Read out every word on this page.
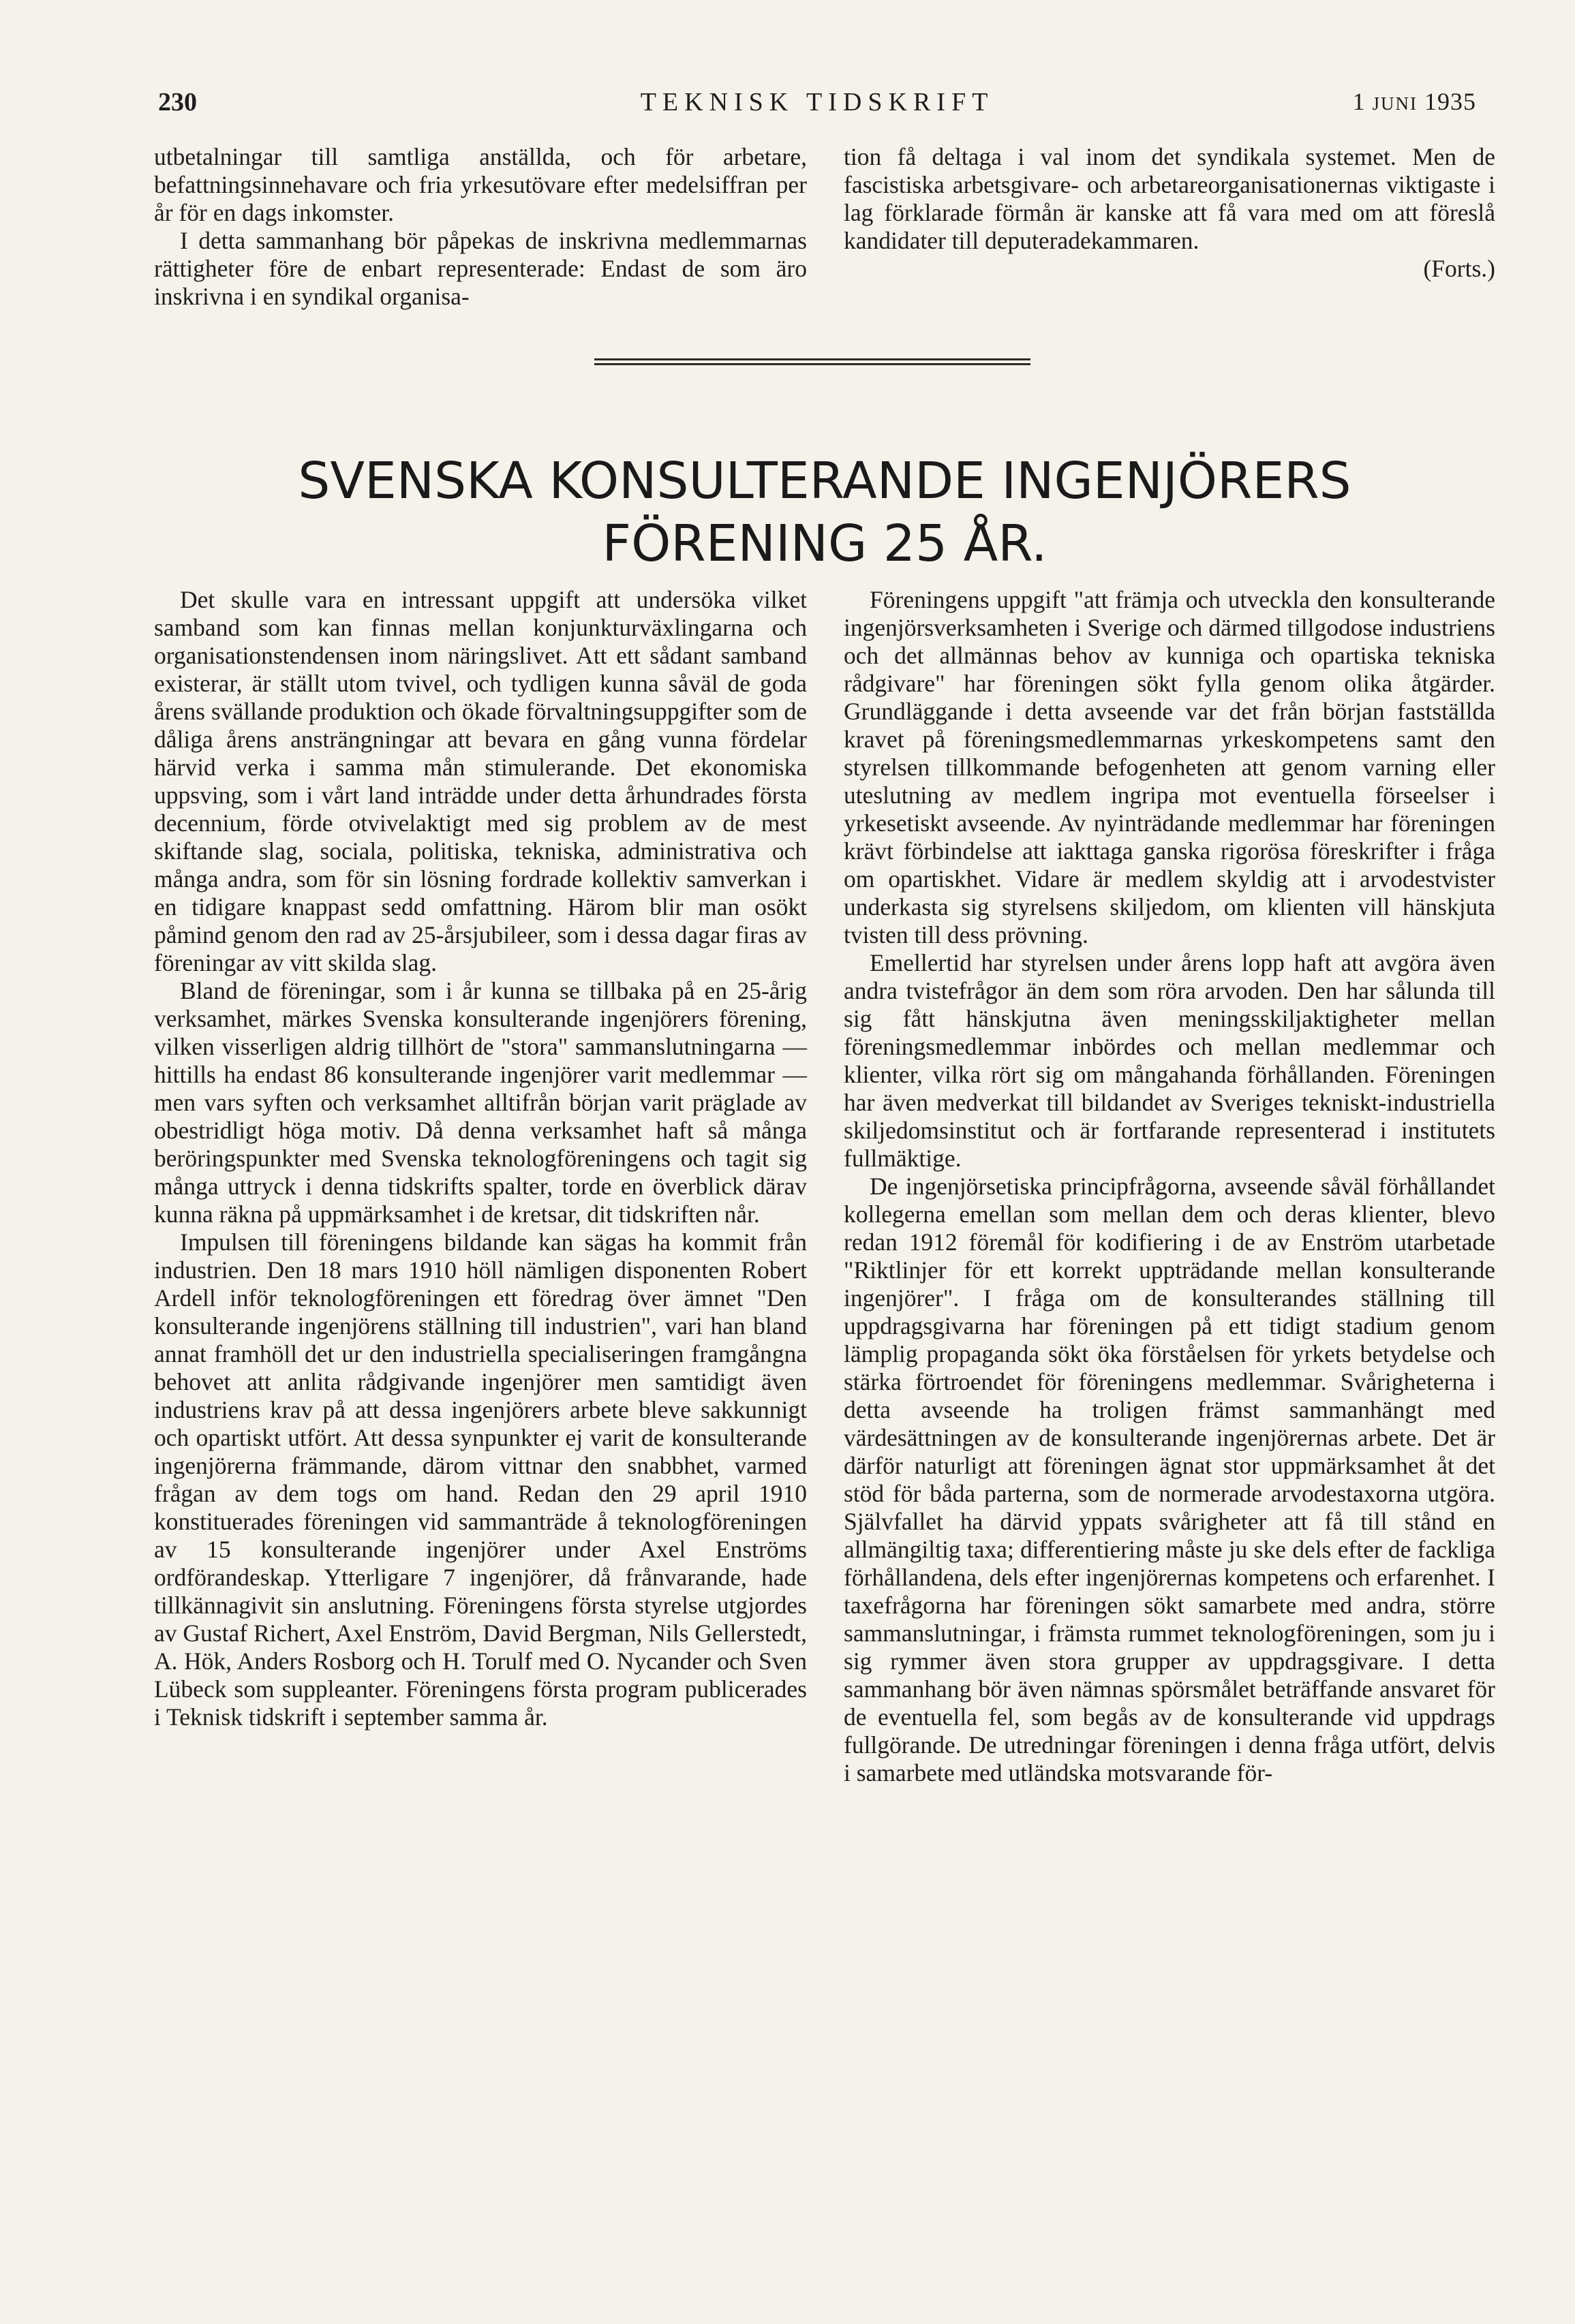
230	TEKNISK TIDSKRIFT	1 JUNI 1935

utbetalningar till samtliga anställda, och för arbetare, befattningsinnehavare och fria yrkesutövare efter medelsiffran per år för en dags inkomster.

I detta sammanhang bör påpekas de inskrivna medlemmarnas rättigheter före de enbart representerade: Endast de som äro inskrivna i en syndikal organisa-

tion få deltaga i val inom det syndikala systemet. Men de fascistiska arbetsgivare- och arbetareorganisationernas viktigaste i lag förklarade förmån är kanske att få vara med om att föreslå kandidater till deputeradekammaren.

(Forts.)

SVENSKA KONSULTERANDE INGENJÖRERS
FÖRENING 25 ÅR.

Det skulle vara en intressant uppgift att undersöka vilket samband som kan finnas mellan konjunkturväxlingarna och organisationstendensen inom näringslivet. Att ett sådant samband existerar, är ställt utom tvivel, och tydligen kunna såväl de goda årens svällande produktion och ökade förvaltningsuppgifter som de dåliga årens ansträngningar att bevara en gång vunna fördelar härvid verka i samma mån stimulerande. Det ekonomiska uppsving, som i vårt land inträdde under detta århundrades första decennium, förde otvivelaktigt med sig problem av de mest skiftande slag, sociala, politiska, tekniska, administrativa och många andra, som för sin lösning fordrade kollektiv samverkan i en tidigare knappast sedd omfattning. Härom blir man osökt påmind genom den rad av 25-årsjubileer, som i dessa dagar firas av föreningar av vitt skilda slag.

Bland de föreningar, som i år kunna se tillbaka på en 25-årig verksamhet, märkes Svenska konsulterande ingenjörers förening, vilken visserligen aldrig tillhört de "stora" sammanslutningarna — hittills ha endast 86 konsulterande ingenjörer varit medlemmar — men vars syften och verksamhet alltifrån början varit präglade av obestridligt höga motiv. Då denna verksamhet haft så många beröringspunkter med Svenska teknologföreningens och tagit sig många uttryck i denna tidskrifts spalter, torde en överblick därav kunna räkna på uppmärksamhet i de kretsar, dit tidskriften når.

Impulsen till föreningens bildande kan sägas ha kommit från industrien. Den 18 mars 1910 höll nämligen disponenten Robert Ardell inför teknologföreningen ett föredrag över ämnet "Den konsulterande ingenjörens ställning till industrien", vari han bland annat framhöll det ur den industriella specialiseringen framgångna behovet att anlita rådgivande ingenjörer men samtidigt även industriens krav på att dessa ingenjörers arbete bleve sakkunnigt och opartiskt utfört. Att dessa synpunkter ej varit de konsulterande ingenjörerna främmande, därom vittnar den snabbhet, varmed frågan av dem togs om hand. Redan den 29 april 1910 konstituerades föreningen vid sammanträde å teknologföreningen av 15 konsulterande ingenjörer under Axel Enströms ordförandeskap. Ytterligare 7 ingenjörer, då frånvarande, hade tillkännagivit sin anslutning. Föreningens första styrelse utgjordes av Gustaf Richert, Axel Enström, David Bergman, Nils Gellerstedt, A. Hök, Anders Rosborg och H. Torulf med O. Nycander och Sven Lübeck som suppleanter. Föreningens första program publicerades i Teknisk tidskrift i september samma år.

Föreningens uppgift "att främja och utveckla den konsulterande ingenjörsverksamheten i Sverige och därmed tillgodose industriens och det allmännas behov av kunniga och opartiska tekniska rådgivare" har föreningen sökt fylla genom olika åtgärder. Grundläggande i detta avseende var det från början fastställda kravet på föreningsmedlemmarnas yrkeskompetens samt den styrelsen tillkommande befogenheten att genom varning eller uteslutning av medlem ingripa mot eventuella förseelser i yrkesetiskt avseende. Av nyinträdande medlemmar har föreningen krävt förbindelse att iakttaga ganska rigorösa föreskrifter i fråga om opartiskhet. Vidare är medlem skyldig att i arvodestvister underkasta sig styrelsens skiljedom, om klienten vill hänskjuta tvisten till dess prövning.

Emellertid har styrelsen under årens lopp haft att avgöra även andra tvistefrågor än dem som röra arvoden. Den har sålunda till sig fått hänskjutna även meningsskiljaktigheter mellan föreningsmedlemmar inbördes och mellan medlemmar och klienter, vilka rört sig om mångahanda förhållanden. Föreningen har även medverkat till bildandet av Sveriges tekniskt-industriella skiljedomsinstitut och är fortfarande representerad i institutets fullmäktige.

De ingenjörsetiska principfrågorna, avseende såväl förhållandet kollegerna emellan som mellan dem och deras klienter, blevo redan 1912 föremål för kodifiering i de av Enström utarbetade "Riktlinjer för ett korrekt uppträdande mellan konsulterande ingenjörer". I fråga om de konsulterandes ställning till uppdragsgivarna har föreningen på ett tidigt stadium genom lämplig propaganda sökt öka förståelsen för yrkets betydelse och stärka förtroendet för föreningens medlemmar. Svårigheterna i detta avseende ha troligen främst sammanhängt med värdesättningen av de konsulterande ingenjörernas arbete. Det är därför naturligt att föreningen ägnat stor uppmärksamhet åt det stöd för båda parterna, som de normerade arvodestaxorna utgöra. Självfallet ha därvid yppats svårigheter att få till stånd en allmängiltig taxa; differentiering måste ju ske dels efter de fackliga förhållandena, dels efter ingenjörernas kompetens och erfarenhet. I taxefrågorna har föreningen sökt samarbete med andra, större sammanslutningar, i främsta rummet teknologföreningen, som ju i sig rymmer även stora grupper av uppdragsgivare. I detta sammanhang bör även nämnas spörsmålet beträffande ansvaret för de eventuella fel, som begås av de konsulterande vid uppdrags fullgörande. De utredningar föreningen i denna fråga utfört, delvis i samarbete med utländska motsvarande för-
